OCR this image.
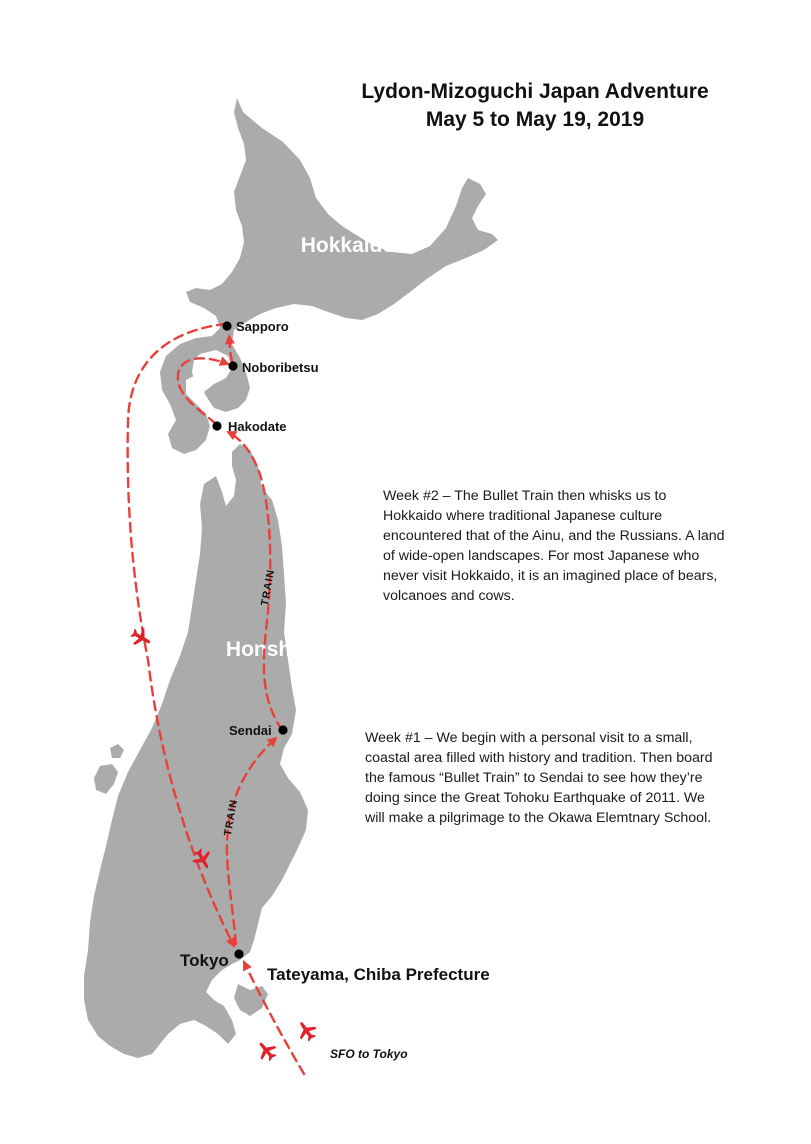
Hokkaido
Honshu
TRAIN
TRAIN
Sapporo
Noboribetsu
Hakodate
Sendai
Tokyo
Tateyama, Chiba Prefecture
SFO to Tokyo
Lydon-Mizoguchi Japan Adventure
May 5 to May 19, 2019

Week #2 – The Bullet Train then whisks us to Hokkaido where traditional Japanese culture encountered that of the Ainu, and the Russians. A land of wide-open landscapes. For most Japanese who never visit Hokkaido, it is an imagined place of bears, volcanoes and cows.

Week #1 – We begin with a personal visit to a small, coastal area filled with history and tradition. Then board the famous “Bullet Train” to Sendai to see how they’re doing since the Great Tohoku Earthquake of 2011. We will make a pilgrimage to the Okawa Elemtnary School.
